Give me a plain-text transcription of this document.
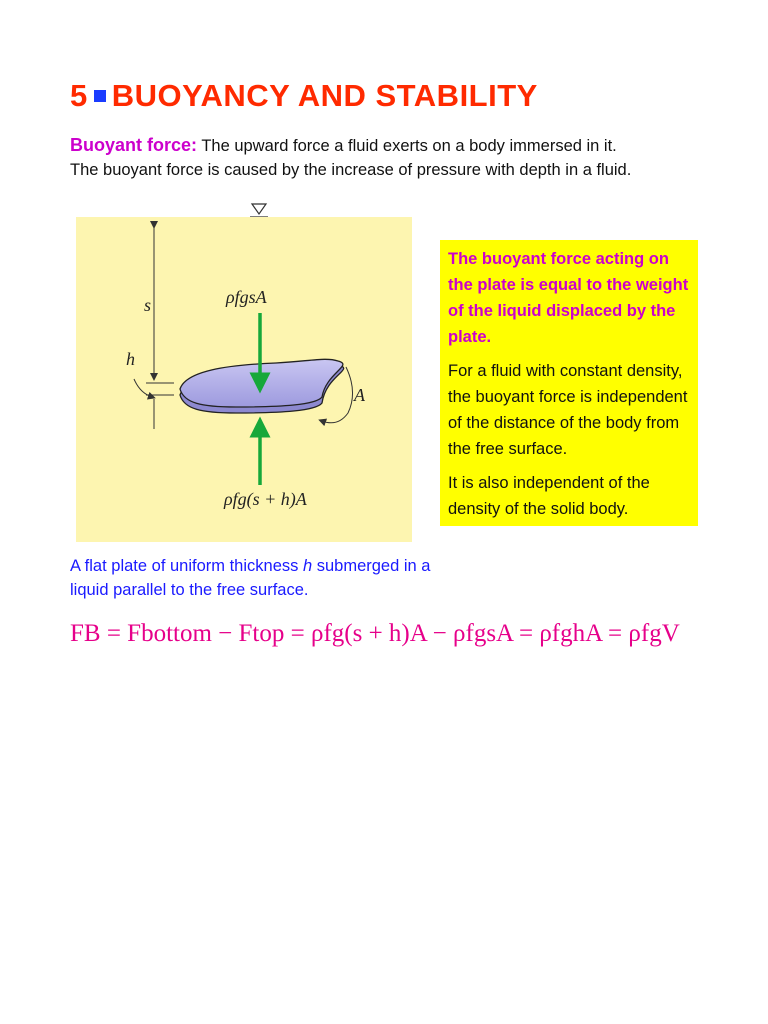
5 BUOYANCY AND STABILITY
Buoyant force: The upward force a fluid exerts on a body immersed in it.
The buoyant force is caused by the increase of pressure with depth in a fluid.
s
h
A
ρfgsA
ρfg(s + h)A

The buoyant force acting on the plate is equal to the weight of the liquid displaced by the plate.

For a fluid with constant density, the buoyant force is independent of the distance of the body from the free surface.

It is also independent of the density of the solid body.

A flat plate of uniform thickness h submerged in a liquid parallel to the free surface.
FB = Fbottom − Ftop = ρfg(s + h)A − ρfgsA = ρfghA = ρfgV
